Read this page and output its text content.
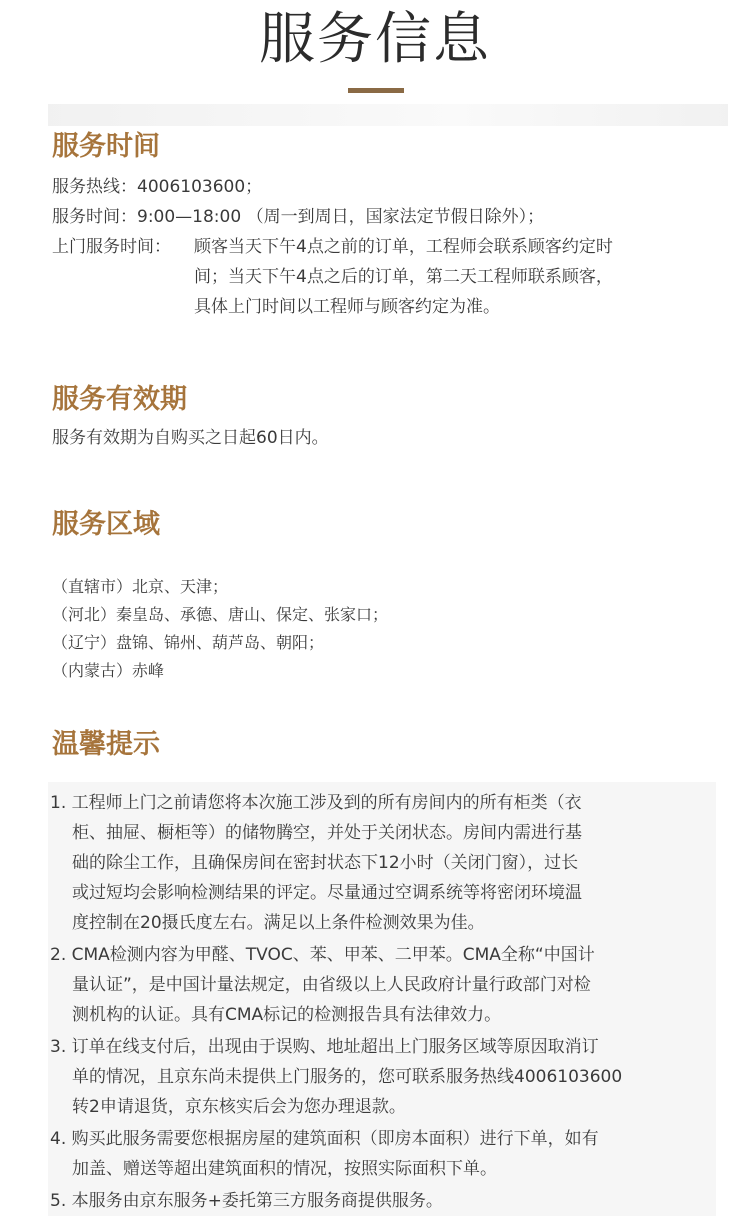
服务信息
服务时间
服务热线：4006103600；
服务时间：9:00—18:00 （周一到周日，国家法定节假日除外）；
上门服务时间： 顾客当天下午4点之前的订单，工程师会联系顾客约定时
间；当天下午4点之后的订单，第二天工程师联系顾客，
具体上门时间以工程师与顾客约定为准。
服务有效期
服务有效期为自购买之日起60日内。
服务区域
（直辖市）北京、天津；
（河北）秦皇岛、承德、唐山、保定、张家口；
（辽宁）盘锦、锦州、葫芦岛、朝阳；
（内蒙古）赤峰
温馨提示
1. 工程师上门之前请您将本次施工涉及到的所有房间内的所有柜类（衣
柜、抽屉、橱柜等）的储物腾空，并处于关闭状态。房间内需进行基
础的除尘工作，且确保房间在密封状态下12小时（关闭门窗），过长
或过短均会影响检测结果的评定。尽量通过空调系统等将密闭环境温
度控制在20摄氏度左右。满足以上条件检测效果为佳。
2. CMA检测内容为甲醛、TVOC、苯、甲苯、二甲苯。CMA全称“中国计
量认证”，是中国计量法规定，由省级以上人民政府计量行政部门对检
测机构的认证。具有CMA标记的检测报告具有法律效力。
3. 订单在线支付后，出现由于误购、地址超出上门服务区域等原因取消订
单的情况，且京东尚未提供上门服务的，您可联系服务热线4006103600
转2申请退货，京东核实后会为您办理退款。
4. 购买此服务需要您根据房屋的建筑面积（即房本面积）进行下单，如有
加盖、赠送等超出建筑面积的情况，按照实际面积下单。
5. 本服务由京东服务+委托第三方服务商提供服务。
